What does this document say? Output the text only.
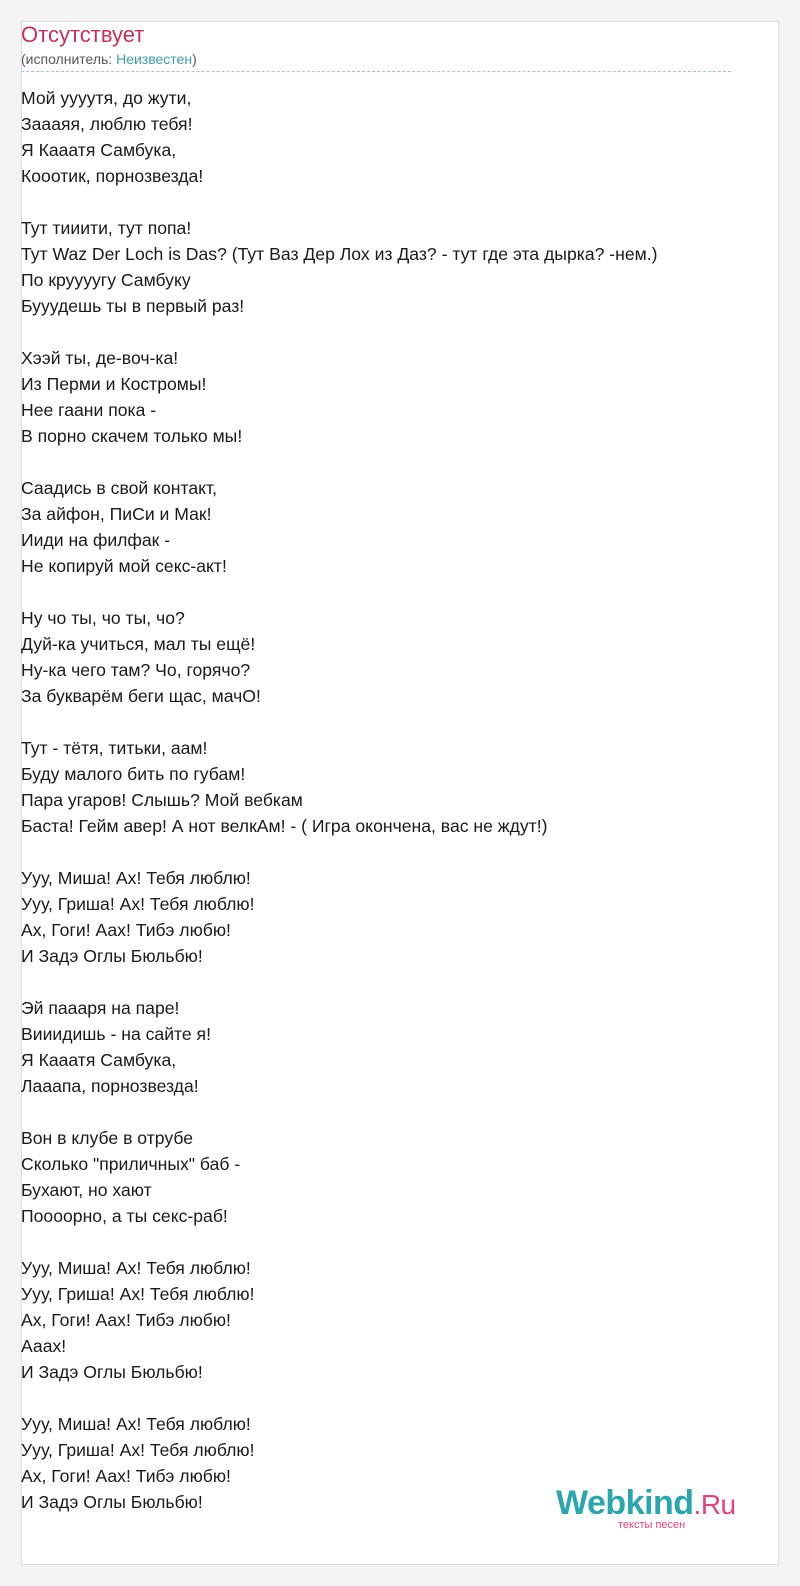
Отсутствует
(исполнитель: Неизвестен)
Мой уууутя, до жути,
Заааяя, люблю тебя!
Я Кааатя Самбука,
Кооотик, порнозвезда!
Тут тииити, тут попа!
Тут Waz Der Loch is Das? (Тут Ваз Дер Лох из Даз? - тут где эта дырка? -нем.)
По круууугу Самбуку
Бууудешь ты в первый раз!
Хээй ты, де-воч-ка!
Из Перми и Костромы!
Нее гаани пока -
В порно скачем только мы!
Саадись в свой контакт,
За айфон, ПиСи и Мак!
Ииди на филфак -
Не копируй мой секс-акт!
Ну чо ты, чо ты, чо?
Дуй-ка учиться, мал ты ещё!
Ну-ка чего там? Чо, горячо?
За букварём беги щас, мачО!
Тут - тётя, титьки, аам!
Буду малого бить по губам!
Пара угаров! Слышь? Мой вебкам
Баста! Гейм авер! А нот велкАм! - ( Игра окончена, вас не ждут!)
Ууу, Миша! Ах! Тебя люблю!
Ууу, Гриша! Ах! Тебя люблю!
Ах, Гоги! Аах! Тибэ любю!
И Задэ Оглы Бюльбю!
Эй паааря на паре!
Вииидишь - на сайте я!
Я Кааатя Самбука,
Лааапа, порнозвезда!
Вон в клубе в отрубе
Сколько "приличных" баб -
Бухают, но хают
Поооорно, а ты секс-раб!
Ууу, Миша! Ах! Тебя люблю!
Ууу, Гриша! Ах! Тебя люблю!
Ах, Гоги! Аах! Тибэ любю!
Ааах!
И Задэ Оглы Бюльбю!
Ууу, Миша! Ах! Тебя люблю!
Ууу, Гриша! Ах! Тебя люблю!
Ах, Гоги! Аах! Тибэ любю!
И Задэ Оглы Бюльбю!	Webkind.Ru
тексты песен
